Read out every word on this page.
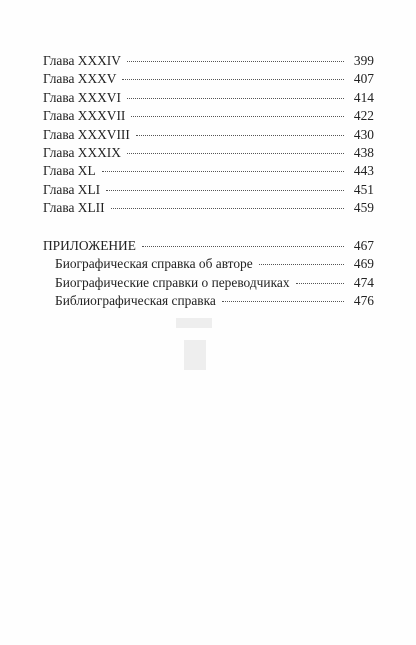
Глава XXXIV	399
Глава XXXV	407
Глава XXXVI	414
Глава XXXVII	422
Глава XXXVIII	430
Глава XXXIX	438
Глава XL	443
Глава XLI	451
Глава XLII	459
ПРИЛОЖЕНИЕ	467
Биографическая справка об авторе	469
Биографические справки о переводчиках	474
Библиографическая справка	476
